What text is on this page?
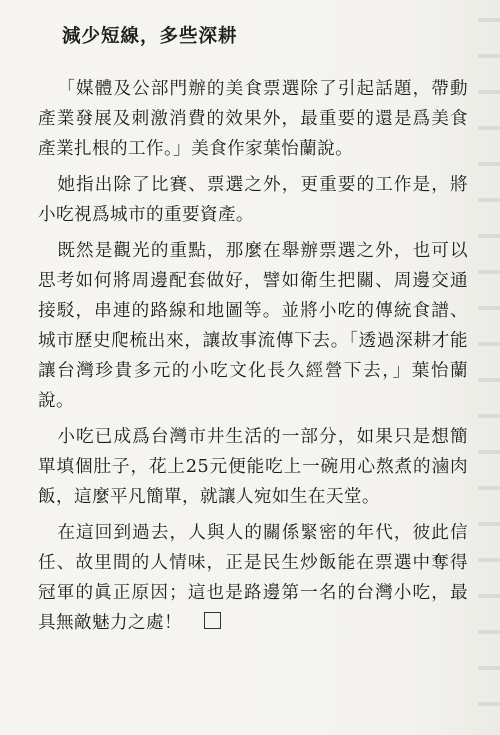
減少短線，多些深耕

「媒體及公部門辦的美食票選除了引起話題，帶動產業發展及刺激消費的效果外，最重要的還是爲美食產業扎根的工作。」美食作家葉怡蘭說。

她指出除了比賽、票選之外，更重要的工作是，將小吃視爲城市的重要資產。

既然是觀光的重點，那麼在舉辦票選之外，也可以思考如何將周邊配套做好，譬如衛生把關、周邊交通接駁，串連的路線和地圖等。並將小吃的傳統食譜、城市歷史爬梳出來，讓故事流傳下去。「透過深耕才能讓台灣珍貴多元的小吃文化長久經營下去，」葉怡蘭說。

小吃已成爲台灣市井生活的一部分，如果只是想簡單填個肚子，花上25元便能吃上一碗用心熬煮的滷肉飯，這麼平凡簡單，就讓人宛如生在天堂。

在這回到過去，人與人的關係緊密的年代，彼此信任、故里間的人情味，正是民生炒飯能在票選中奪得冠軍的眞正原因；這也是路邊第一名的台灣小吃，最具無敵魅力之處！
